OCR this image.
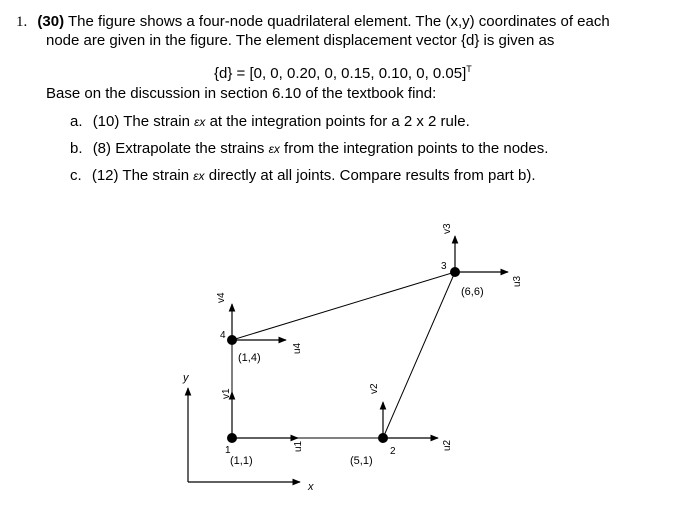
1. (30) The figure shows a four-node quadrilateral element. The (x,y) coordinates of each
node are given in the figure. The element displacement vector {d} is given as
{d} = [0, 0, 0.20, 0, 0.15, 0.10, 0, 0.05]$^T$
Base on the discussion in section 6.10 of the textbook find:
a. (10) The strain εx at the integration points for a 2 x 2 rule.
b. (8) Extrapolate the strains εx from the integration points to the nodes.
c. (12) The strain εx directly at all joints. Compare results from part b).
y
x
1
(1,1)
v1
u1	2
(5,1)
v2
u2
3
(6,6)
v3
u3
4
(1,4)
v4
u4
